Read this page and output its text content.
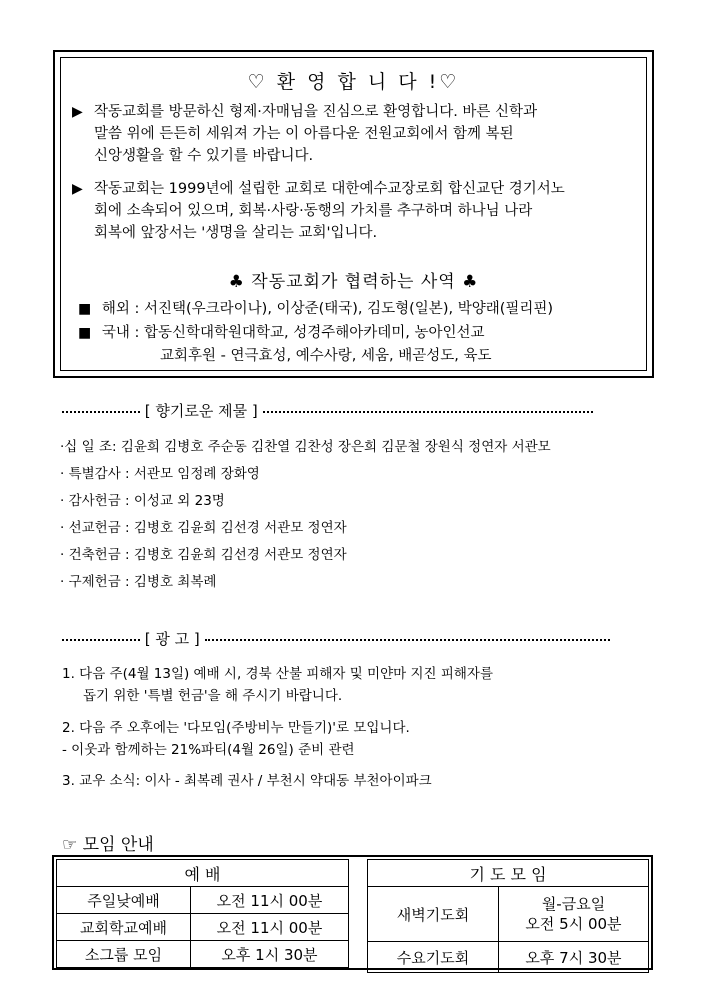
♡ 환 영 합 니 다 !♡
▶ 작동교회를 방문하신 형제·자매님을 진심으로 환영합니다. 바른 신학과
말씀 위에 든든히 세워져 가는 이 아름다운 전원교회에서 함께 복된
신앙생활을 할 수 있기를 바랍니다.
▶ 작동교회는 1999년에 설립한 교회로 대한예수교장로회 합신교단 경기서노
회에 소속되어 있으며, 회복·사랑·동행의 가치를 추구하며 하나님 나라
회복에 앞장서는 '생명을 살리는 교회'입니다.
♣ 작동교회가 협력하는 사역 ♣
■ 해외 : 서진택(우크라이나), 이상준(태국), 김도형(일본), 박양래(필리핀)
■ 국내 : 합동신학대학원대학교, 성경주해아카데미, 농아인선교
교회후원 - 연극효성, 예수사랑, 세움, 배곧성도, 육도
[ 향기로운 제물 ]
·십 일 조: 김윤희 김병호 주순동 김찬열 김찬성 장은희 김문철 장원식 정연자 서관모
· 특별감사 : 서관모 임정례 장화영
· 감사헌금 : 이성교 외 23명
· 선교헌금 : 김병호 김윤희 김선경 서관모 정연자
· 건축헌금 : 김병호 김윤희 김선경 서관모 정연자
· 구제헌금 : 김병호 최복례
[ 광 고 ]
1. 다음 주(4월 13일) 예배 시, 경북 산불 피해자 및 미얀마 지진 피해자를
돕기 위한 '특별 헌금'을 해 주시기 바랍니다.
2. 다음 주 오후에는 '다모임(주방비누 만들기)'로 모입니다.
- 이웃과 함께하는 21%파티(4월 26일) 준비 관련
3. 교우 소식: 이사 - 최복례 권사 / 부천시 약대동 부천아이파크
☞ 모임 안내
예 배	
주일낮예배	오전 11시 00분
교회학교예배	오전 11시 00분
소그룹 모임	오후 1시 30분
기 도 모 임	
새벽기도회	월-금요일
오전 5시 00분

수요기도회	오후 7시 30분
